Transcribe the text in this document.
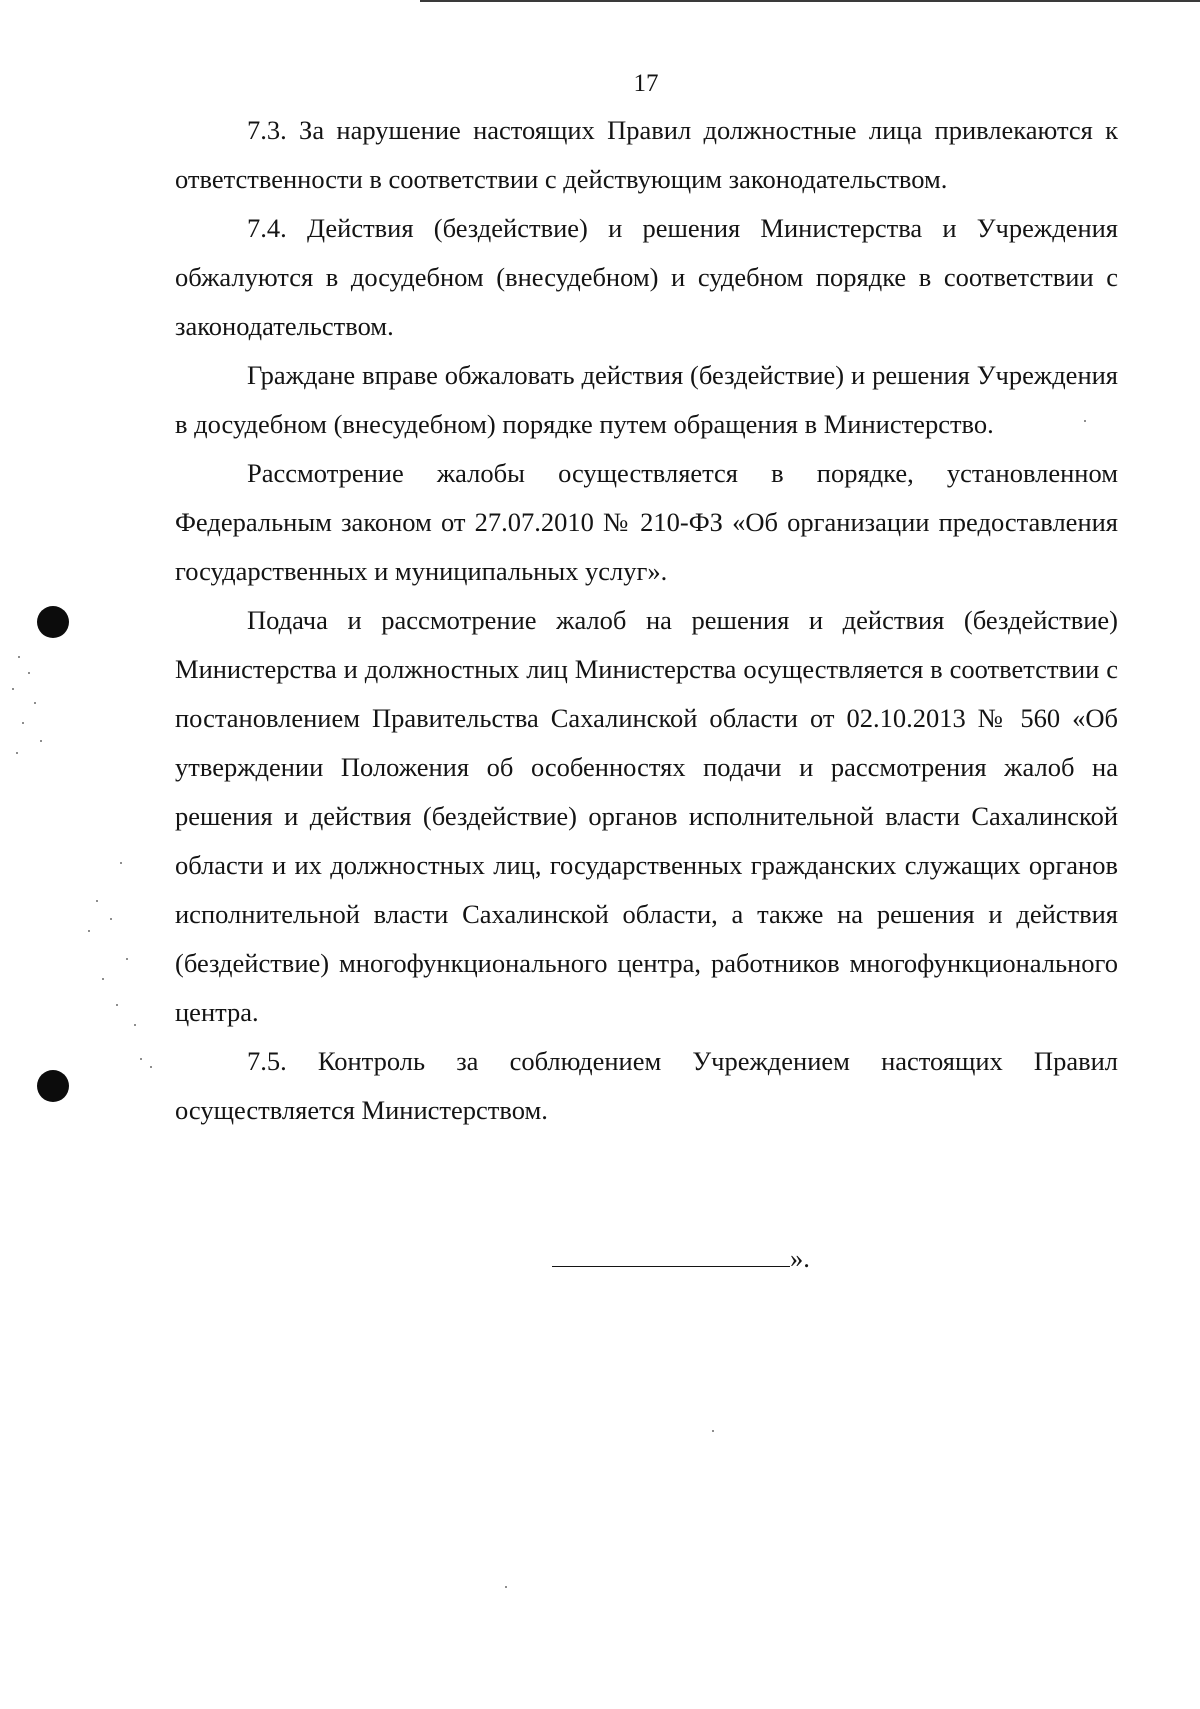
17

7.3. За нарушение настоящих Правил должностные лица привлекаются к ответственности в соответствии с действующим законодательством.

7.4. Действия (бездействие) и решения Министерства и Учреждения обжалуются в досудебном (внесудебном) и судебном порядке в соответствии с законодательством.

Граждане вправе обжаловать действия (бездействие) и решения Учреждения в досудебном (внесудебном) порядке путем обращения в Министерство.

Рассмотрение жалобы осуществляется в порядке, установленном Федеральным законом от 27.07.2010 № 210-ФЗ «Об организации предоставления государственных и муниципальных услуг».

Подача и рассмотрение жалоб на решения и действия (бездействие) Министерства и должностных лиц Министерства осуществляется в соответствии с постановлением Правительства Сахалинской области от 02.10.2013 № 560 «Об утверждении Положения об особенностях подачи и рассмотрения жалоб на решения и действия (бездействие) органов исполнительной власти Сахалинской области и их должностных лиц, государственных гражданских служащих органов исполнительной власти Сахалинской области, а также на решения и действия (бездействие) многофункционального центра, работников многофункционального центра.

7.5. Контроль за соблюдением Учреждением настоящих Правил осуществляется Министерством.

».
